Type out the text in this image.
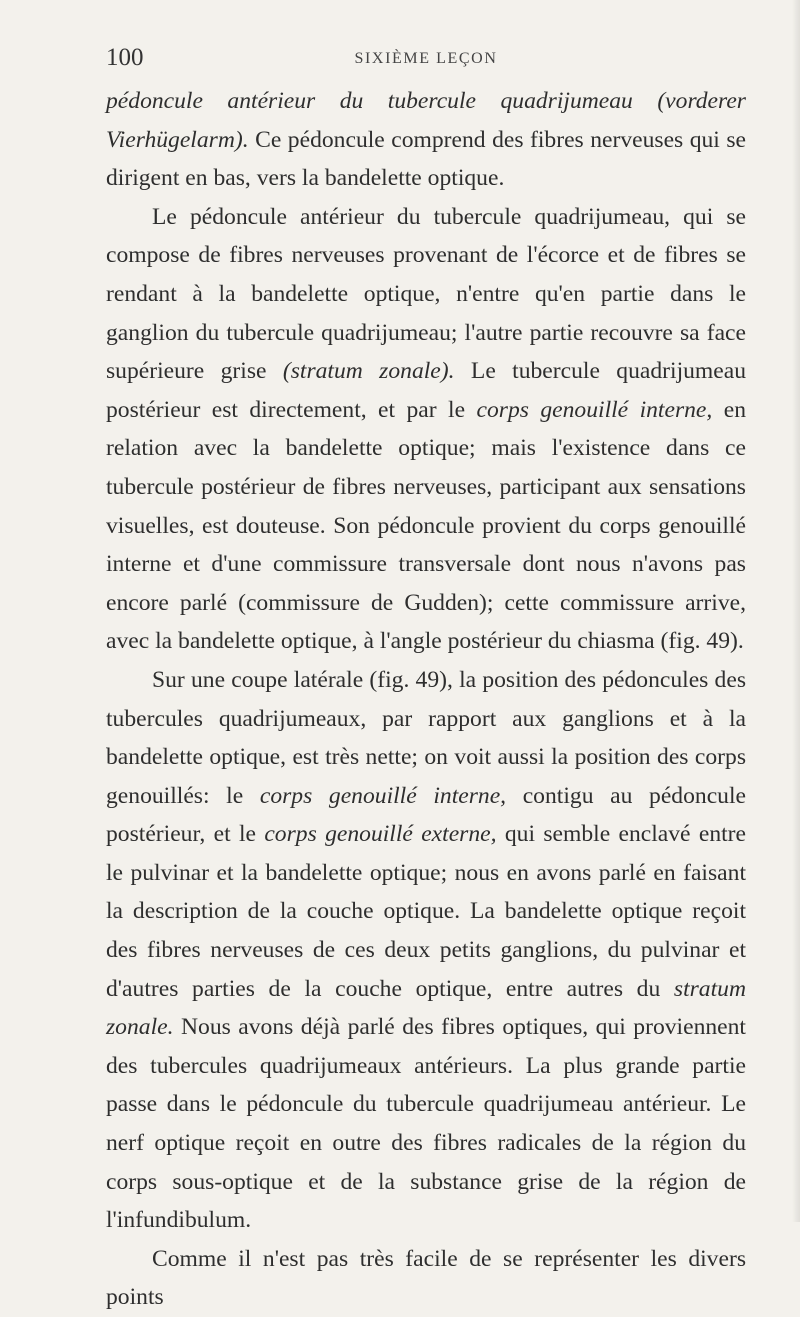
100	SIXIÈME LEÇON

pédoncule antérieur du tubercule quadrijumeau (vorderer Vierhügelarm). Ce pédoncule comprend des fibres nerveuses qui se dirigent en bas, vers la bandelette optique.

Le pédoncule antérieur du tubercule quadrijumeau, qui se compose de fibres nerveuses provenant de l'écorce et de fibres se rendant à la bandelette optique, n'entre qu'en partie dans le ganglion du tubercule quadrijumeau; l'autre partie recouvre sa face supérieure grise (stratum zonale). Le tubercule quadrijumeau postérieur est directement, et par le corps genouillé interne, en relation avec la bandelette optique; mais l'existence dans ce tubercule postérieur de fibres nerveuses, participant aux sensations visuelles, est douteuse. Son pédoncule provient du corps genouillé interne et d'une commissure transversale dont nous n'avons pas encore parlé (commissure de Gudden); cette commissure arrive, avec la bandelette optique, à l'angle postérieur du chiasma (fig. 49).

Sur une coupe latérale (fig. 49), la position des pédoncules des tubercules quadrijumeaux, par rapport aux ganglions et à la bandelette optique, est très nette; on voit aussi la position des corps genouillés: le corps genouillé interne, contigu au pédoncule postérieur, et le corps genouillé externe, qui semble enclavé entre le pulvinar et la bandelette optique; nous en avons parlé en faisant la description de la couche optique. La bandelette optique reçoit des fibres nerveuses de ces deux petits ganglions, du pulvinar et d'autres parties de la couche optique, entre autres du stratum zonale. Nous avons déjà parlé des fibres optiques, qui proviennent des tubercules quadrijumeaux antérieurs. La plus grande partie passe dans le pédoncule du tubercule quadrijumeau antérieur. Le nerf optique reçoit en outre des fibres radicales de la région du corps sous-optique et de la substance grise de la région de l'infundibulum.

Comme il n'est pas très facile de se représenter les divers points
